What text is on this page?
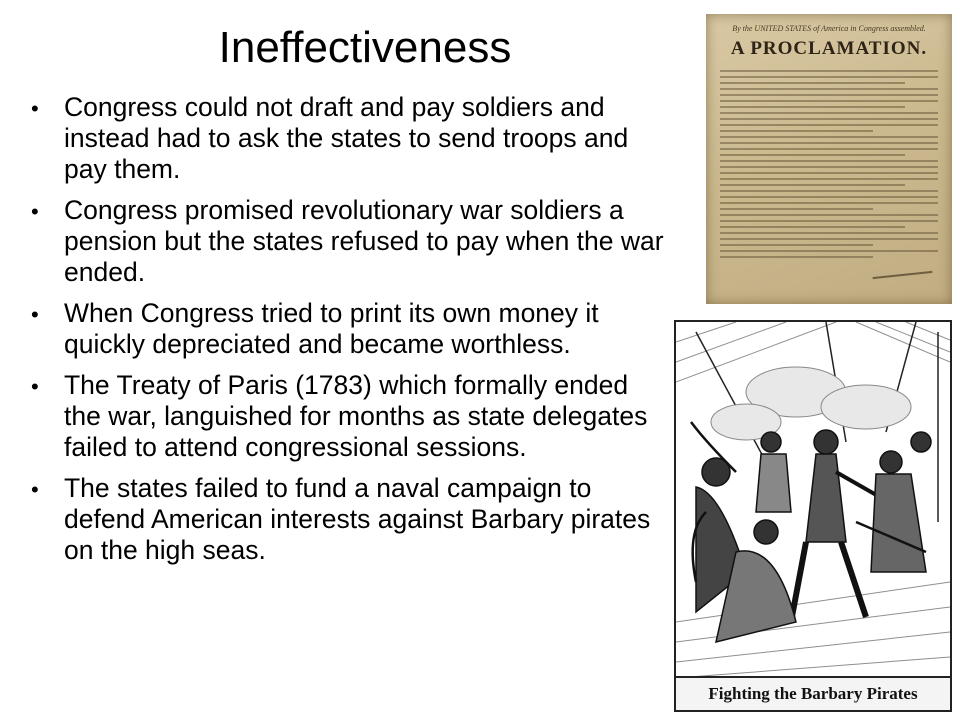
Ineffectiveness
• Congress could not draft and pay soldiers and instead had to ask the states to send troops and pay them.
• Congress promised revolutionary war soldiers a pension but the states refused to pay when the war ended.
• When Congress tried to print its own money it quickly depreciated and became worthless.
• The Treaty of Paris (1783) which formally ended the war, languished for months as state delegates failed to attend congressional sessions.
• The states failed to fund a naval campaign to defend American interests against Barbary pirates on the high seas.
By the UNITED STATES of America in Congress assembled.
A PROCLAMATION.
Fighting the Barbary Pirates
